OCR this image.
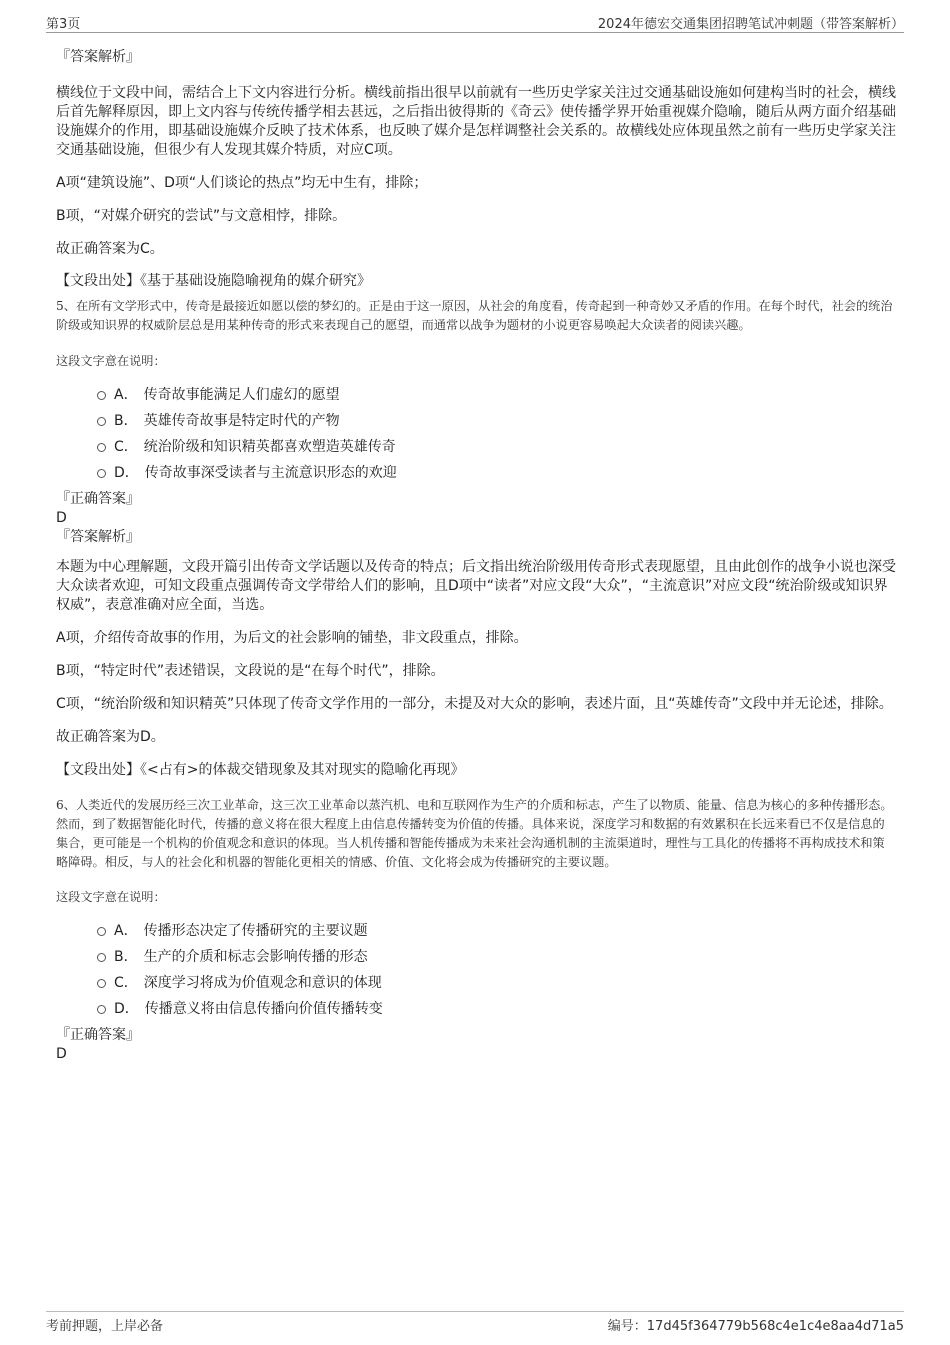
第3页	2024年德宏交通集团招聘笔试冲刺题（带答案解析）
『答案解析』

横线位于文段中间，需结合上下文内容进行分析。横线前指出很早以前就有一些历史学家关注过交通基础设施如何建构当时的社会，横线后首先解释原因，即上文内容与传统传播学相去甚远，之后指出彼得斯的《奇云》使传播学界开始重视媒介隐喻，随后从两方面介绍基础设施媒介的作用，即基础设施媒介反映了技术体系，也反映了媒介是怎样调整社会关系的。故横线处应体现虽然之前有一些历史学家关注交通基础设施，但很少有人发现其媒介特质，对应C项。

A项“建筑设施”、D项“人们谈论的热点”均无中生有，排除；

B项，“对媒介研究的尝试”与文意相悖，排除。

故正确答案为C。

【文段出处】《基于基础设施隐喻视角的媒介研究》

5、在所有文学形式中，传奇是最接近如愿以偿的梦幻的。正是由于这一原因，从社会的角度看，传奇起到一种奇妙又矛盾的作用。在每个时代，社会的统治阶级或知识界的权威阶层总是用某种传奇的形式来表现自己的愿望，而通常以战争为题材的小说更容易唤起大众读者的阅读兴趣。

这段文字意在说明：
A． 传奇故事能满足人们虚幻的愿望
B． 英雄传奇故事是特定时代的产物
C． 统治阶级和知识精英都喜欢塑造英雄传奇
D． 传奇故事深受读者与主流意识形态的欢迎
『正确答案』
D
『答案解析』

本题为中心理解题，文段开篇引出传奇文学话题以及传奇的特点；后文指出统治阶级用传奇形式表现愿望，且由此创作的战争小说也深受大众读者欢迎，可知文段重点强调传奇文学带给人们的影响，且D项中“读者”对应文段“大众”，“主流意识”对应文段“统治阶级或知识界权威”，表意准确对应全面，当选。

A项，介绍传奇故事的作用，为后文的社会影响的铺垫，非文段重点，排除。

B项，“特定时代”表述错误，文段说的是“在每个时代”，排除。

C项，“统治阶级和知识精英”只体现了传奇文学作用的一部分，未提及对大众的影响，表述片面，且“英雄传奇”文段中并无论述，排除。

故正确答案为D。

【文段出处】《<占有>的体裁交错现象及其对现实的隐喻化再现》

6、人类近代的发展历经三次工业革命，这三次工业革命以蒸汽机、电和互联网作为生产的介质和标志，产生了以物质、能量、信息为核心的多种传播形态。然而，到了数据智能化时代，传播的意义将在很大程度上由信息传播转变为价值的传播。具体来说，深度学习和数据的有效累积在长远来看已不仅是信息的集合，更可能是一个机构的价值观念和意识的体现。当人机传播和智能传播成为未来社会沟通机制的主流渠道时，理性与工具化的传播将不再构成技术和策略障碍。相反，与人的社会化和机器的智能化更相关的情感、价值、文化将会成为传播研究的主要议题。

这段文字意在说明：
A． 传播形态决定了传播研究的主要议题
B． 生产的介质和标志会影响传播的形态
C． 深度学习将成为价值观念和意识的体现
D． 传播意义将由信息传播向价值传播转变
『正确答案』
D
考前押题，上岸必备	编号：17d45f364779b568c4e1c4e8aa4d71a5
